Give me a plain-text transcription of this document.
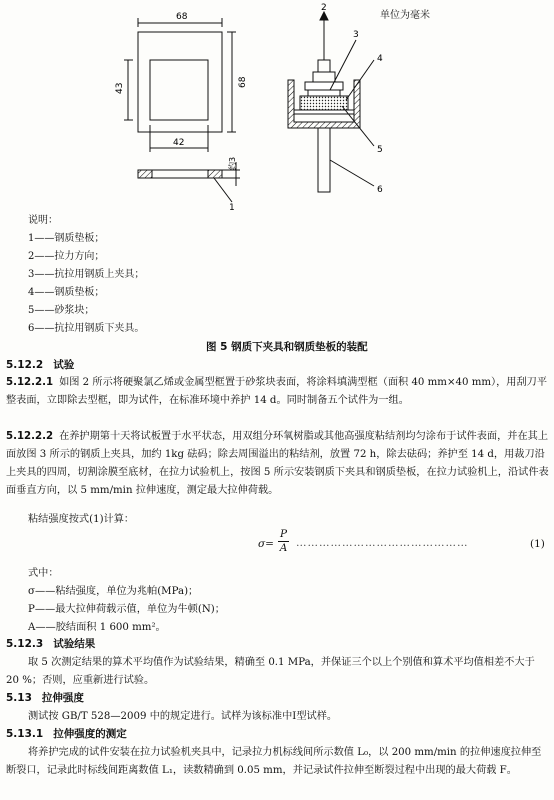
单位为毫米
68
43
68
42
约3
1
2
3
4
5
6
说明：
1——钢质垫板；
2——拉力方向；
3——抗拉用钢质上夹具；
4——钢质垫板；
5——砂浆块；
6——抗拉用钢质下夹具。
图 5 钢质下夹具和钢质垫板的装配
5.12.2 试验
5.12.2.1 如图 2 所示将硬聚氯乙烯或金属型框置于砂浆块表面，将涂料填满型框（面积 40 mm×40 mm），用刮刀平整表面，立即除去型框，即为试件，在标准环境中养护 14 d。同时制备五个试件为一组。
5.12.2.2 在养护期第十天将试板置于水平状态，用双组分环氧树脂或其他高强度粘结剂均匀涂布于试件表面，并在其上面放图 3 所示的钢质上夹具，加约 1kg 砝码；除去周围溢出的粘结剂，放置 72 h，除去砝码；养护至 14 d，用裁刀沿上夹具的四周，切割涂膜至底材，在拉力试验机上，按图 5 所示安装钢质下夹具和钢质垫板，在拉力试验机上，沿试件表面垂直方向，以 5 mm/min 拉伸速度，测定最大拉伸荷载。
粘结强度按式(1)计算：
$\sigma= \frac{P}{A}$ ………………………………………	(1)
式中：
σ——粘结强度，单位为兆帕(MPa)；
P——最大拉伸荷载示值，单位为牛顿(N)；
A——胶结面积 1 600 mm²。
5.12.3 试验结果
取 5 次测定结果的算术平均值作为试验结果，精确至 0.1 MPa，并保证三个以上个别值和算术平均值相差不大于 20 %；否则，应重新进行试验。
5.13 拉伸强度
测试按 GB/T 528—2009 中的规定进行。试样为该标准中Ⅰ型试样。
5.13.1 拉伸强度的测定
将养护完成的试件安装在拉力试验机夹具中，记录拉力机标线间所示数值 L₀，以 200 mm/min 的拉伸速度拉伸至断裂口，记录此时标线间距离数值 L₁，读数精确到 0.05 mm，并记录试件拉伸至断裂过程中出现的最大荷载 F。
